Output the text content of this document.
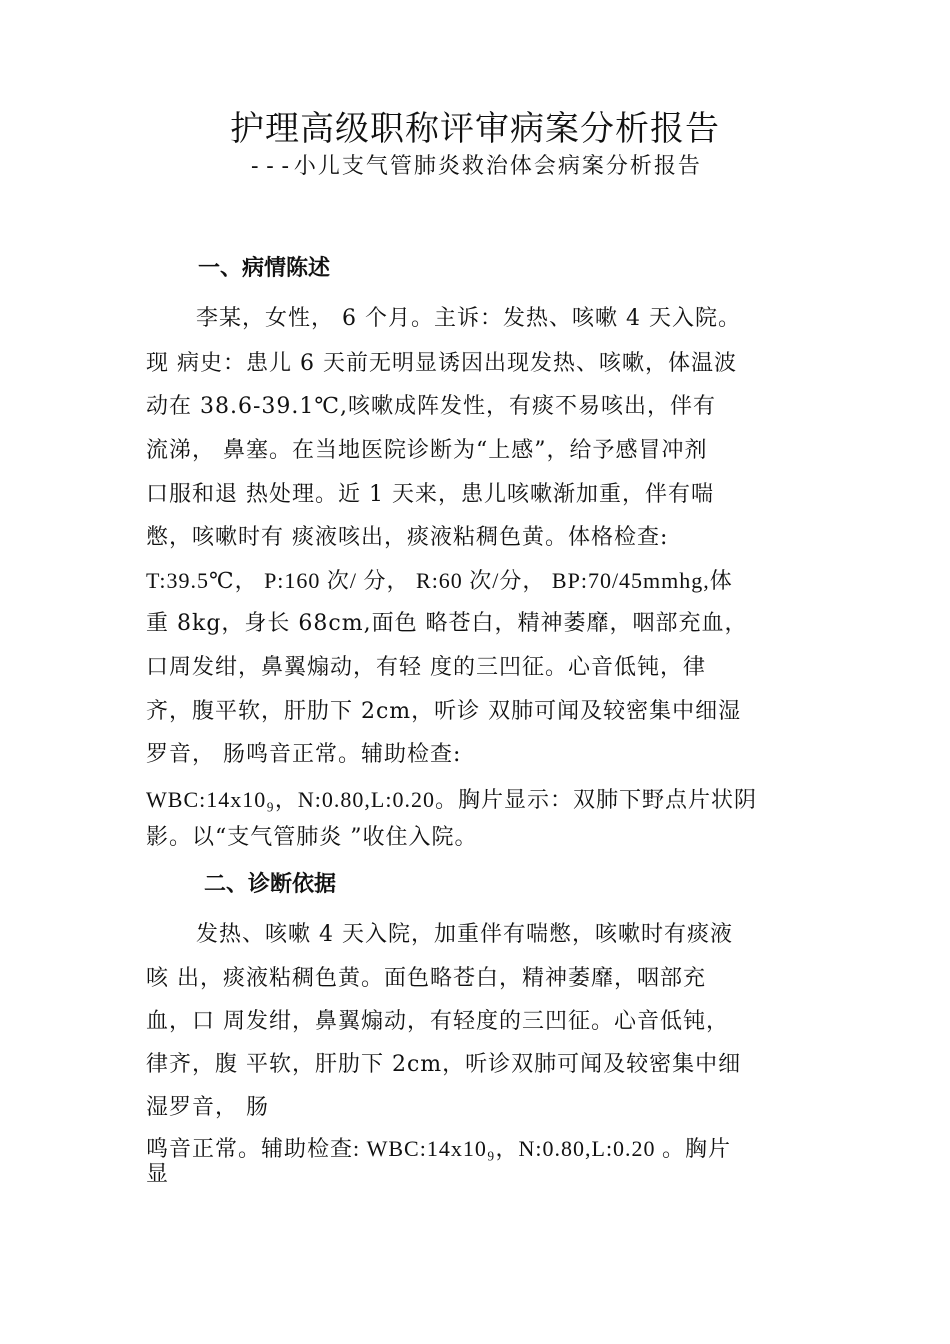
护理高级职称评审病案分析报告
---小儿支气管肺炎救治体会病案分析报告
一、病情陈述
李某，女性， 6 个月。主诉：发热、咳嗽 4 天入院。
现 病史：患儿 6 天前无明显诱因出现发热、咳嗽，体温波
动在 38.6-39.1℃,咳嗽成阵发性，有痰不易咳出，伴有
流涕， 鼻塞。在当地医院诊断为“上感”，给予感冒冲剂
口服和退 热处理。近 1 天来，患儿咳嗽渐加重，伴有喘
憋，咳嗽时有 痰液咳出，痰液粘稠色黄。体格检查:
T:39.5℃， P:160 次/ 分， R:60 次/分， BP:70/45mmhg,体
重 8kg，身长 68cm,面色 略苍白，精神萎靡，咽部充血，
口周发绀，鼻翼煽动，有轻 度的三凹征。心音低钝，律
齐，腹平软，肝肋下 2cm，听诊 双肺可闻及较密集中细湿
罗音， 肠鸣音正常。辅助检查:
WBC:14x10₉，N:0.80,L:0.20。胸片显示：双肺下野点片状阴
影。以“支气管肺炎 ”收住入院。
二、诊断依据
发热、咳嗽 4 天入院，加重伴有喘憋，咳嗽时有痰液
咳 出，痰液粘稠色黄。面色略苍白，精神萎靡，咽部充
血，口 周发绀，鼻翼煽动，有轻度的三凹征。心音低钝，
律齐，腹 平软，肝肋下 2cm，听诊双肺可闻及较密集中细
湿罗音， 肠
鸣音正常。辅助检查: WBC:14x10₉，N:0.80,L:0.20 。胸片
显
